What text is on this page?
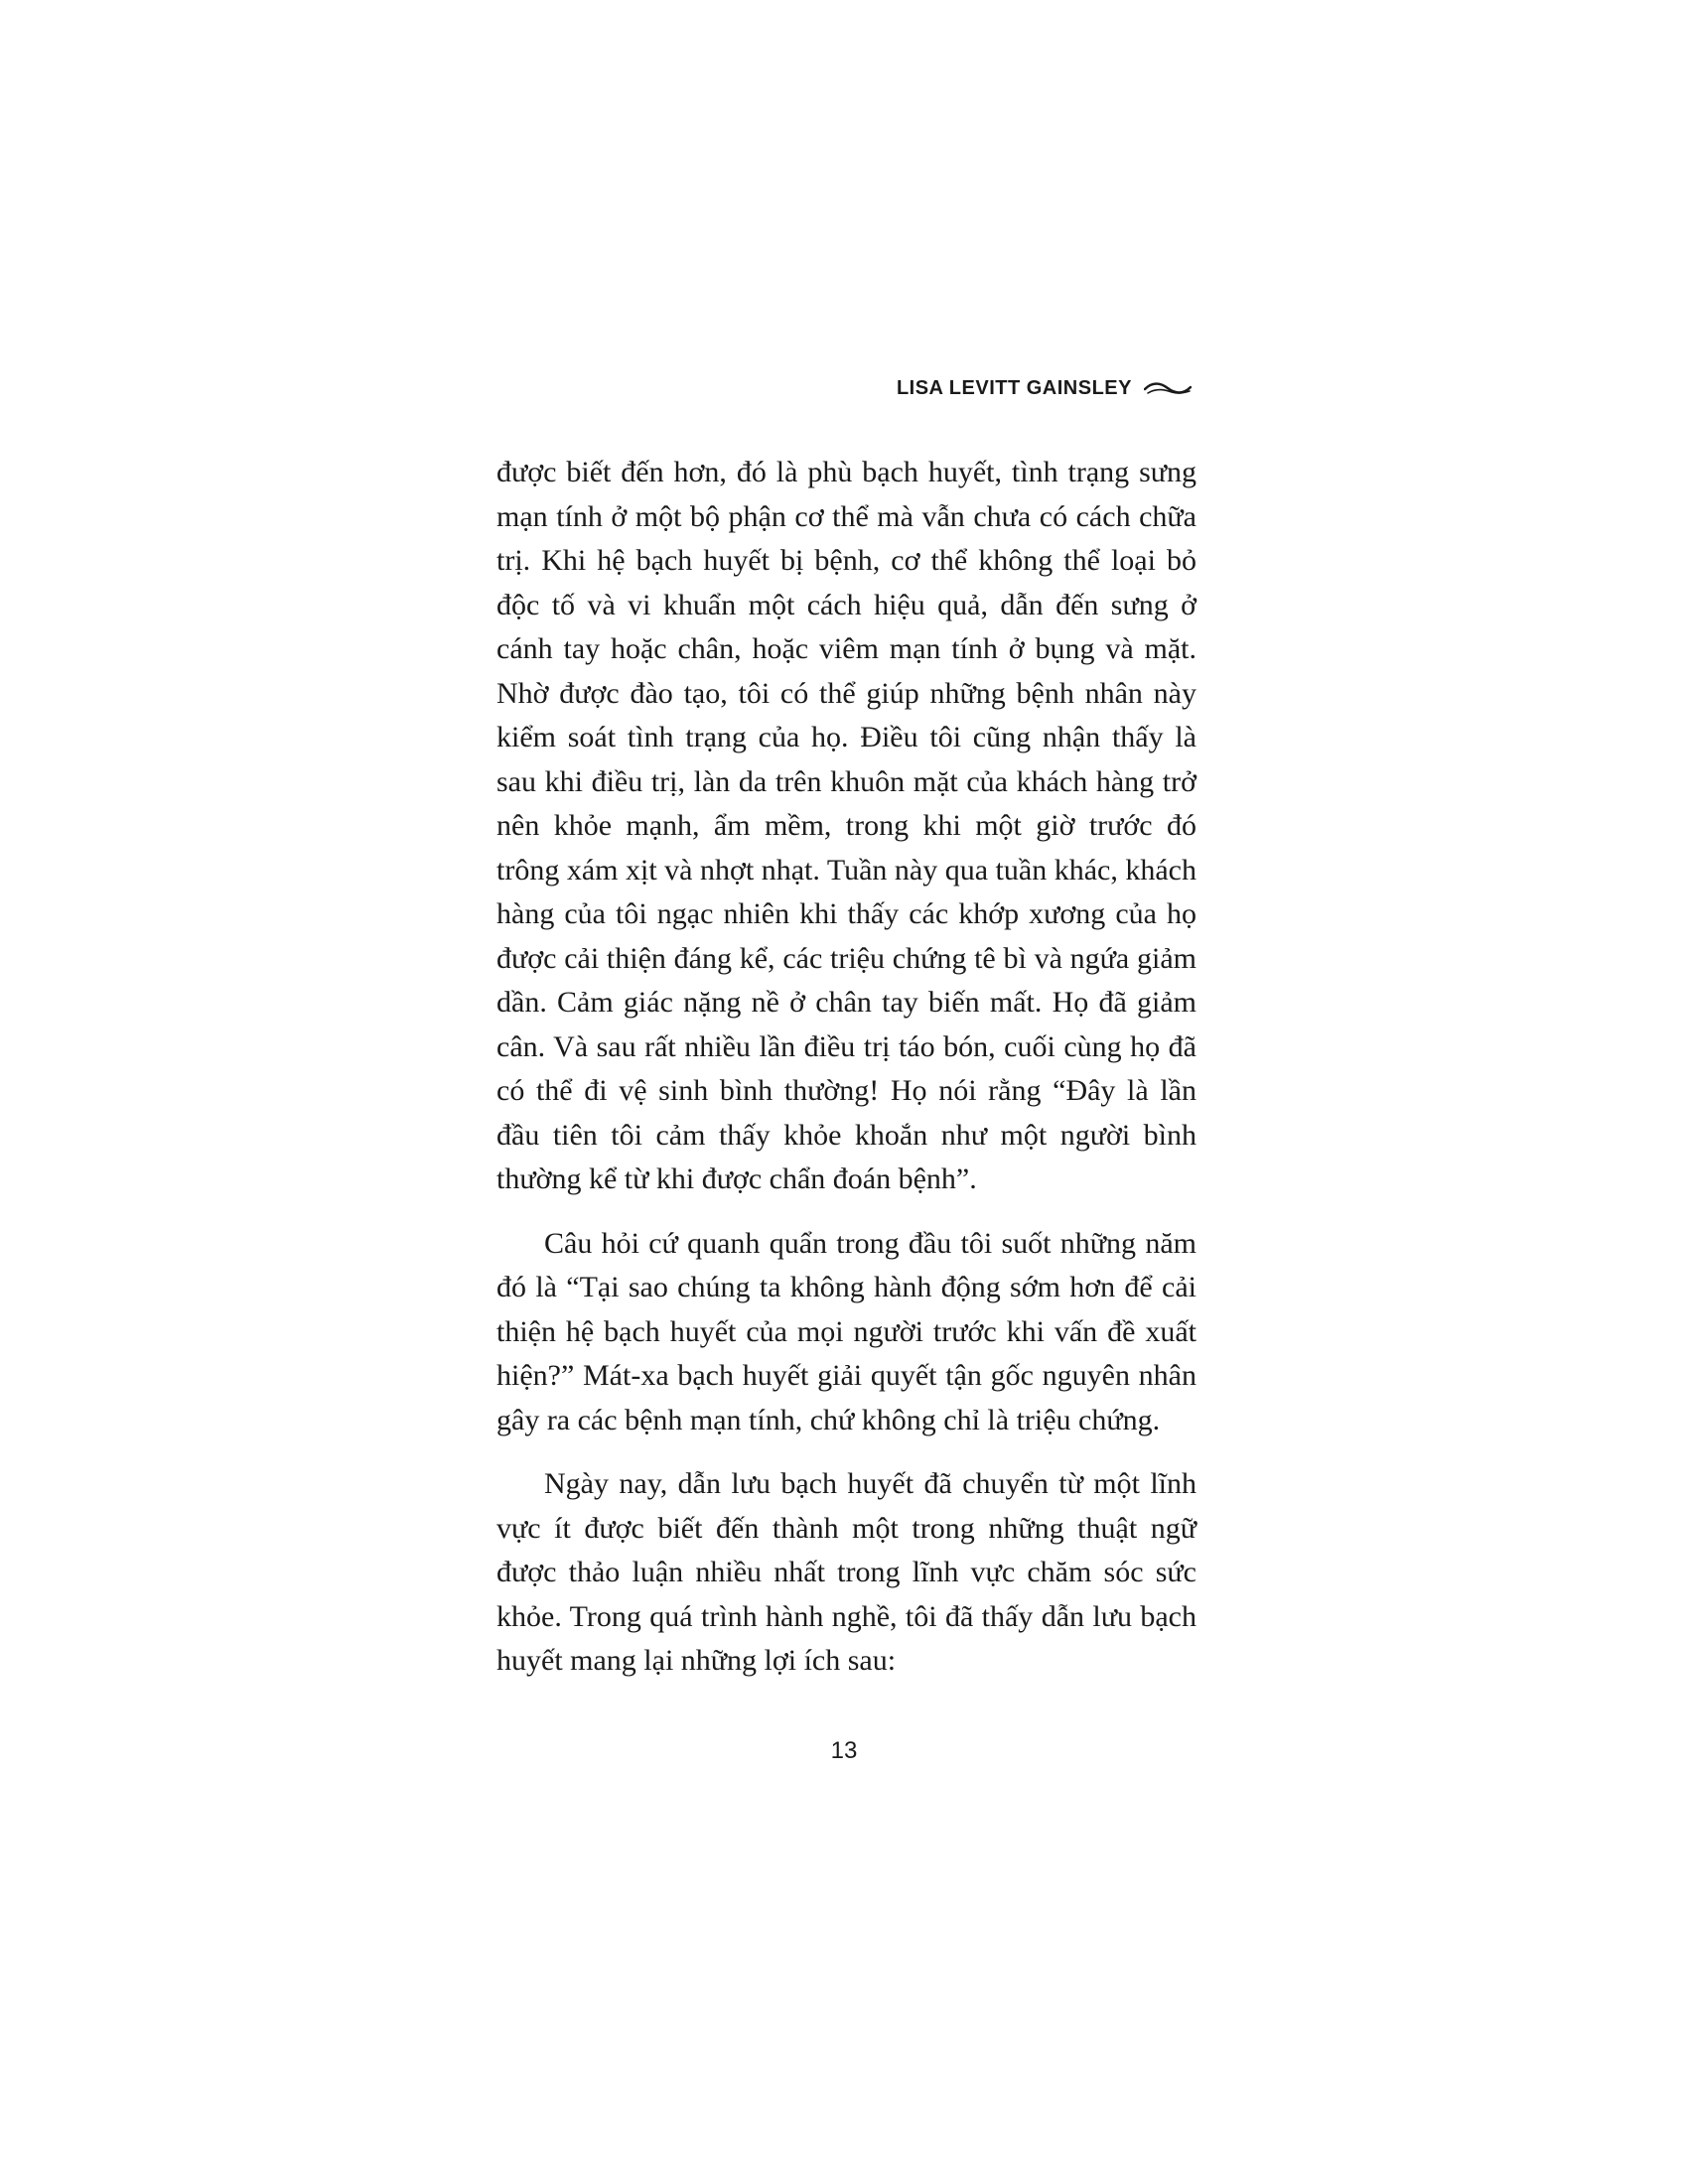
LISA LEVITT GAINSLEY

được biết đến hơn, đó là phù bạch huyết, tình trạng sưng mạn tính ở một bộ phận cơ thể mà vẫn chưa có cách chữa trị. Khi hệ bạch huyết bị bệnh, cơ thể không thể loại bỏ độc tố và vi khuẩn một cách hiệu quả, dẫn đến sưng ở cánh tay hoặc chân, hoặc viêm mạn tính ở bụng và mặt. Nhờ được đào tạo, tôi có thể giúp những bệnh nhân này kiểm soát tình trạng của họ. Điều tôi cũng nhận thấy là sau khi điều trị, làn da trên khuôn mặt của khách hàng trở nên khỏe mạnh, ẩm mềm, trong khi một giờ trước đó trông xám xịt và nhợt nhạt. Tuần này qua tuần khác, khách hàng của tôi ngạc nhiên khi thấy các khớp xương của họ được cải thiện đáng kể, các triệu chứng tê bì và ngứa giảm dần. Cảm giác nặng nề ở chân tay biến mất. Họ đã giảm cân. Và sau rất nhiều lần điều trị táo bón, cuối cùng họ đã có thể đi vệ sinh bình thường! Họ nói rằng “Đây là lần đầu tiên tôi cảm thấy khỏe khoắn như một người bình thường kể từ khi được chẩn đoán bệnh”.

Câu hỏi cứ quanh quẩn trong đầu tôi suốt những năm đó là “Tại sao chúng ta không hành động sớm hơn để cải thiện hệ bạch huyết của mọi người trước khi vấn đề xuất hiện?” Mát-xa bạch huyết giải quyết tận gốc nguyên nhân gây ra các bệnh mạn tính, chứ không chỉ là triệu chứng.

Ngày nay, dẫn lưu bạch huyết đã chuyển từ một lĩnh vực ít được biết đến thành một trong những thuật ngữ được thảo luận nhiều nhất trong lĩnh vực chăm sóc sức khỏe. Trong quá trình hành nghề, tôi đã thấy dẫn lưu bạch huyết mang lại những lợi ích sau:

13
